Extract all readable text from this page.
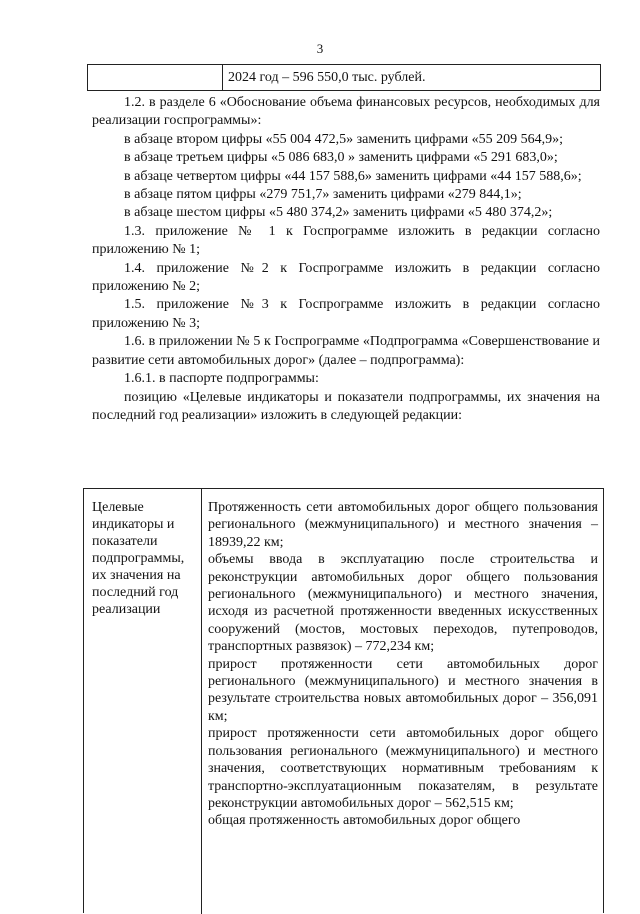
3
2024 год – 596 550,0 тыс. рублей.

1.2. в разделе 6 «Обоснование объема финансовых ресурсов, необходимых для реализации госпрограммы»:

в абзаце втором цифры «55 004 472,5» заменить цифрами «55 209 564,9»;

в абзаце третьем цифры «5 086 683,0 » заменить цифрами «5 291 683,0»;

в абзаце четвертом цифры «44 157 588,6» заменить цифрами «44 157 588,6»;

в абзаце пятом цифры «279 751,7» заменить цифрами «279 844,1»;

в абзаце шестом цифры «5 480 374,2» заменить цифрами «5 480 374,2»;

1.3. приложение № 1 к Госпрограмме изложить в редакции согласно приложению № 1;

1.4. приложение №2 к Госпрограмме изложить в редакции согласно приложению № 2;

1.5. приложение №3 к Госпрограмме изложить в редакции согласно приложению № 3;

1.6. в приложении № 5 к Госпрограмме «Подпрограмма «Совершенствование и развитие сети автомобильных дорог» (далее – подпрограмма):

1.6.1. в паспорте подпрограммы:

позицию «Целевые индикаторы и показатели подпрограммы, их значения на последний год реализации» изложить в следующей редакции:

Целевые индикаторы и показатели подпрограммы, их значения на последний год реализации

Протяженность сети автомобильных дорог общего пользования регионального (межмуниципального) и местного значения – 18939,22 км;

объемы ввода в эксплуатацию после строительства и реконструкции автомобильных дорог общего пользования регионального (межмуниципального) и местного значения, исходя из расчетной протяженности введенных искусственных сооружений (мостов, мостовых переходов, путепроводов, транспортных развязок) – 772,234 км;

прирост протяженности сети автомобильных дорог регионального (межмуниципального) и местного значения в результате строительства новых автомобильных дорог – 356,091 км;

прирост протяженности сети автомобильных дорог общего пользования регионального (межмуниципального) и местного значения, соответствующих нормативным требованиям к транспортно-эксплуатационным показателям, в результате реконструкции автомобильных дорог – 562,515 км;

общая протяженность автомобильных дорог общего
